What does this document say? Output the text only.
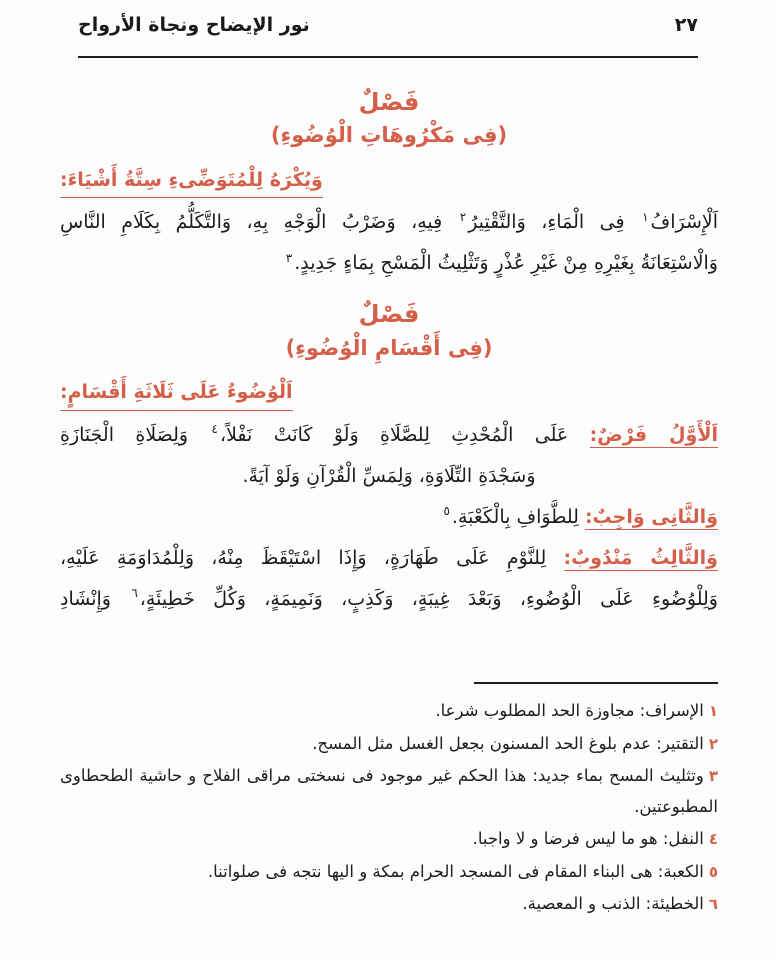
نور الإيضاح ونجاة الأرواح	٢٧
فَصْلٌ
(فِى مَكْرُوهَاتِ الْوُضُوءِ)
وَيُكْرَهُ لِلْمُتَوَضِّىءِ سِتَّةُ أَشْيَاءَ:
اَلْإِسْرَافُ$^١$ فِى الْمَاءِ، وَالتَّقْتِيرُ$^٢$ فِيهِ، وَضَرْبُ الْوَجْهِ بِهِ، وَالتَّكَلُّمُ بِكَلَامِ النَّاسِ
وَالْاسْتِعَانَةُ بِغَيْرِهِ مِنْ غَيْرِ عُذْرٍ وَتَثْلِيثُ الْمَسْحِ بِمَاءٍ جَدِيدٍ.$^٣$
فَصْلٌ
(فِى أَقْسَامِ الْوُضُوءِ)
اَلْوُضُوءُ عَلَى ثَلَاثَةِ أَقْسَامٍ:
اَلْأَوَّلُ فَرْضٌ: عَلَى الْمُحْدِثِ لِلصَّلَاةِ وَلَوْ كَانَتْ نَفْلاً،$^٤$ وَلِصَلَاةِ الْجَنَازَةِ
وَسَجْدَةِ التِّلَاوَةِ، وَلِمَسِّ الْقُرْآنِ وَلَوْ آيَةً.
وَالثَّانِى وَاجِبٌ: لِلطَّوَافِ بِالْكَعْبَةِ.$^٥$
وَالثَّالِثُ مَنْدُوبٌ: لِلنَّوْمِ عَلَى طَهَارَةٍ، وَإِذَا اسْتَيْقَظَ مِنْهُ، وَلِلْمُدَاوَمَةِ عَلَيْهِ،
وَلِلْوُضُوءِ عَلَى الْوُضُوءِ، وَبَعْدَ غِيبَةٍ، وَكَذِبٍ، وَنَمِيمَةٍ، وَكُلِّ خَطِيئَةٍ،$^٦$ وَإِنْشَادِ
١الإسراف: مجاوزة الحد المطلوب شرعا.
٢التقتير: عدم بلوغ الحد المسنون بجعل الغسل مثل المسح.
٣وتثليث المسح بماء جديد: هذا الحكم غير موجود فى نسختى مراقى الفلاح و حاشية الطحطاوى المطبوعتين.
٤النفل: هو ما ليس فرضا و لا واجبا.
٥الكعبة: هى البناء المقام فى المسجد الحرام بمكة و اليها نتجه فى صلواتنا.
٦الخطيئة: الذنب و المعصية.
